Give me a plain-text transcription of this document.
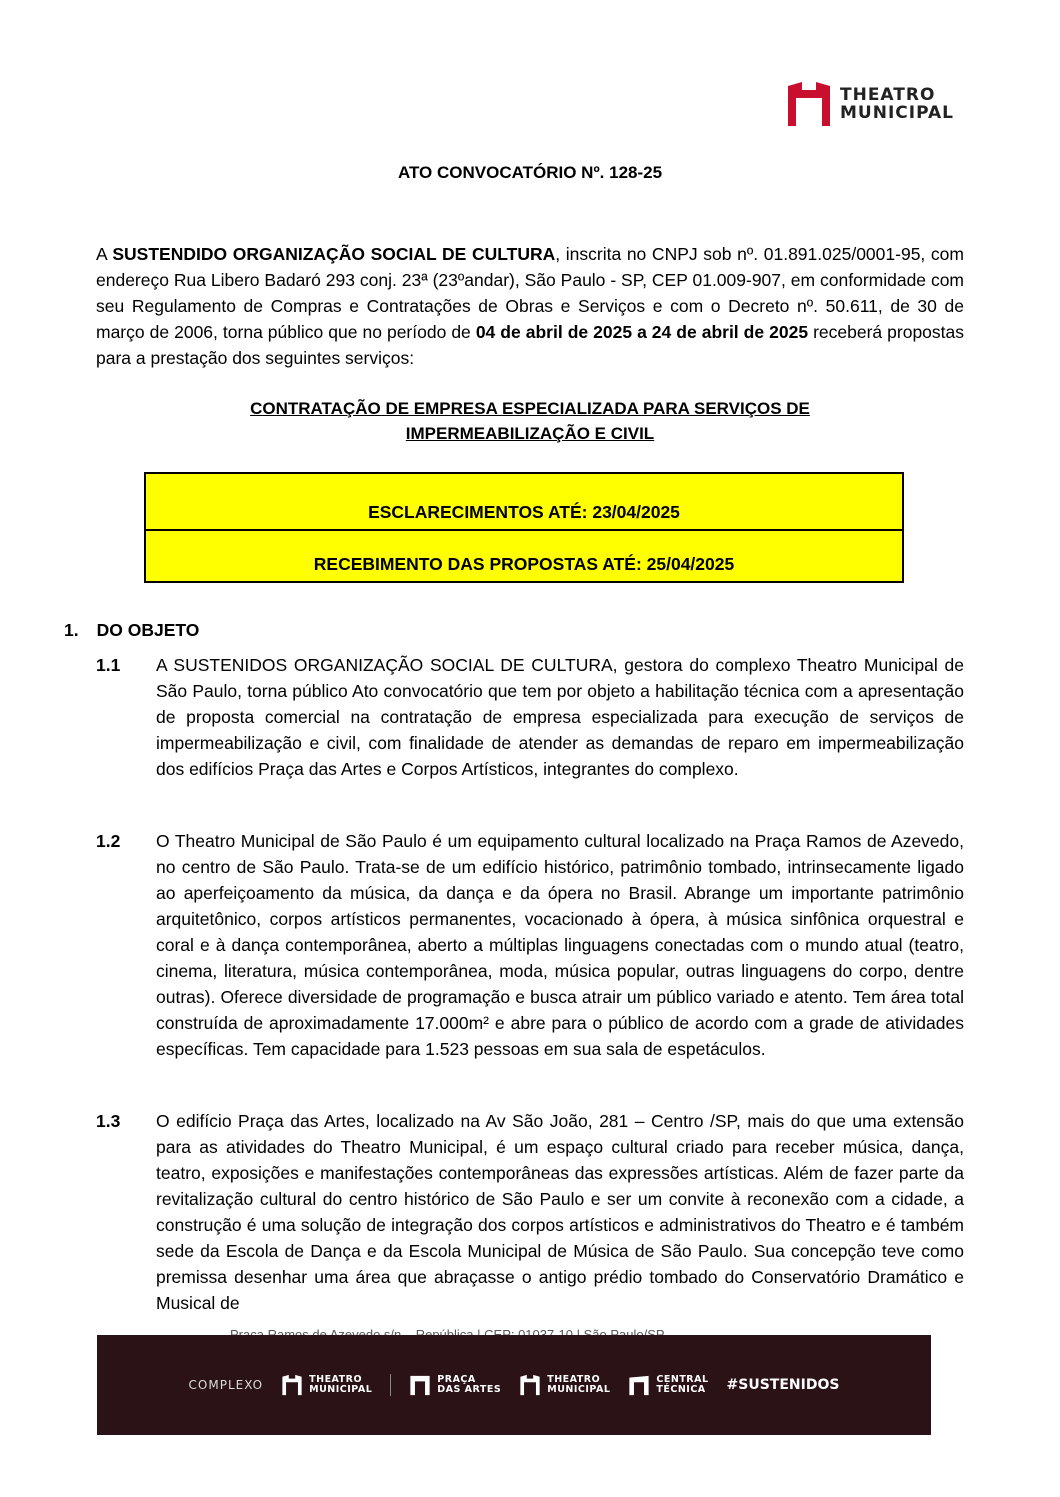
THEATRO
MUNICIPAL
ATO CONVOCATÓRIO Nº. 128-25
A SUSTENDIDO ORGANIZAÇÃO SOCIAL DE CULTURA, inscrita no CNPJ sob nº. 01.891.025/0001-95, com endereço Rua Libero Badaró 293 conj. 23ª (23ºandar), São Paulo - SP, CEP 01.009-907, em conformidade com seu Regulamento de Compras e Contratações de Obras e Serviços e com o Decreto nº. 50.611, de 30 de março de 2006, torna público que no período de 04 de abril de 2025 a 24 de abril de 2025 receberá propostas para a prestação dos seguintes serviços:
CONTRATAÇÃO DE EMPRESA ESPECIALIZADA PARA SERVIÇOS DE
IMPERMEABILIZAÇÃO E CIVIL
ESCLARECIMENTOS ATÉ: 23/04/2025
RECEBIMENTO DAS PROPOSTAS ATÉ: 25/04/2025
1. DO OBJETO
1.1	A SUSTENIDOS ORGANIZAÇÃO SOCIAL DE CULTURA, gestora do complexo Theatro Municipal de São Paulo, torna público Ato convocatório que tem por objeto a habilitação técnica com a apresentação de proposta comercial na contratação de empresa especializada para execução de serviços de impermeabilização e civil, com finalidade de atender as demandas de reparo em impermeabilização dos edifícios Praça das Artes e Corpos Artísticos, integrantes do complexo.
1.2	O Theatro Municipal de São Paulo é um equipamento cultural localizado na Praça Ramos de Azevedo, no centro de São Paulo. Trata-se de um edifício histórico, patrimônio tombado, intrinsecamente ligado ao aperfeiçoamento da música, da dança e da ópera no Brasil. Abrange um importante patrimônio arquitetônico, corpos artísticos permanentes, vocacionado à ópera, à música sinfônica orquestral e coral e à dança contemporânea, aberto a múltiplas linguagens conectadas com o mundo atual (teatro, cinema, literatura, música contemporânea, moda, música popular, outras linguagens do corpo, dentre outras). Oferece diversidade de programação e busca atrair um público variado e atento. Tem área total construída de aproximadamente 17.000m² e abre para o público de acordo com a grade de atividades específicas. Tem capacidade para 1.523 pessoas em sua sala de espetáculos.
1.3	O edifício Praça das Artes, localizado na Av São João, 281 – Centro /SP, mais do que uma extensão para as atividades do Theatro Municipal, é um espaço cultural criado para receber música, dança, teatro, exposições e manifestações contemporâneas das expressões artísticas. Além de fazer parte da revitalização cultural do centro histórico de São Paulo e ser um convite à reconexão com a cidade, a construção é uma solução de integração dos corpos artísticos e administrativos do Theatro e é também sede da Escola de Dança e da Escola Municipal de Música de São Paulo. Sua concepção teve como premissa desenhar uma área que abraçasse o antigo prédio tombado do Conservatório Dramático e Musical de
COMPLEXO	THEATRO
MUNICIPAL
PRAÇA
DAS ARTES
THEATRO
MUNICIPAL
CENTRAL
TÉCNICA #SUSTENIDOS
